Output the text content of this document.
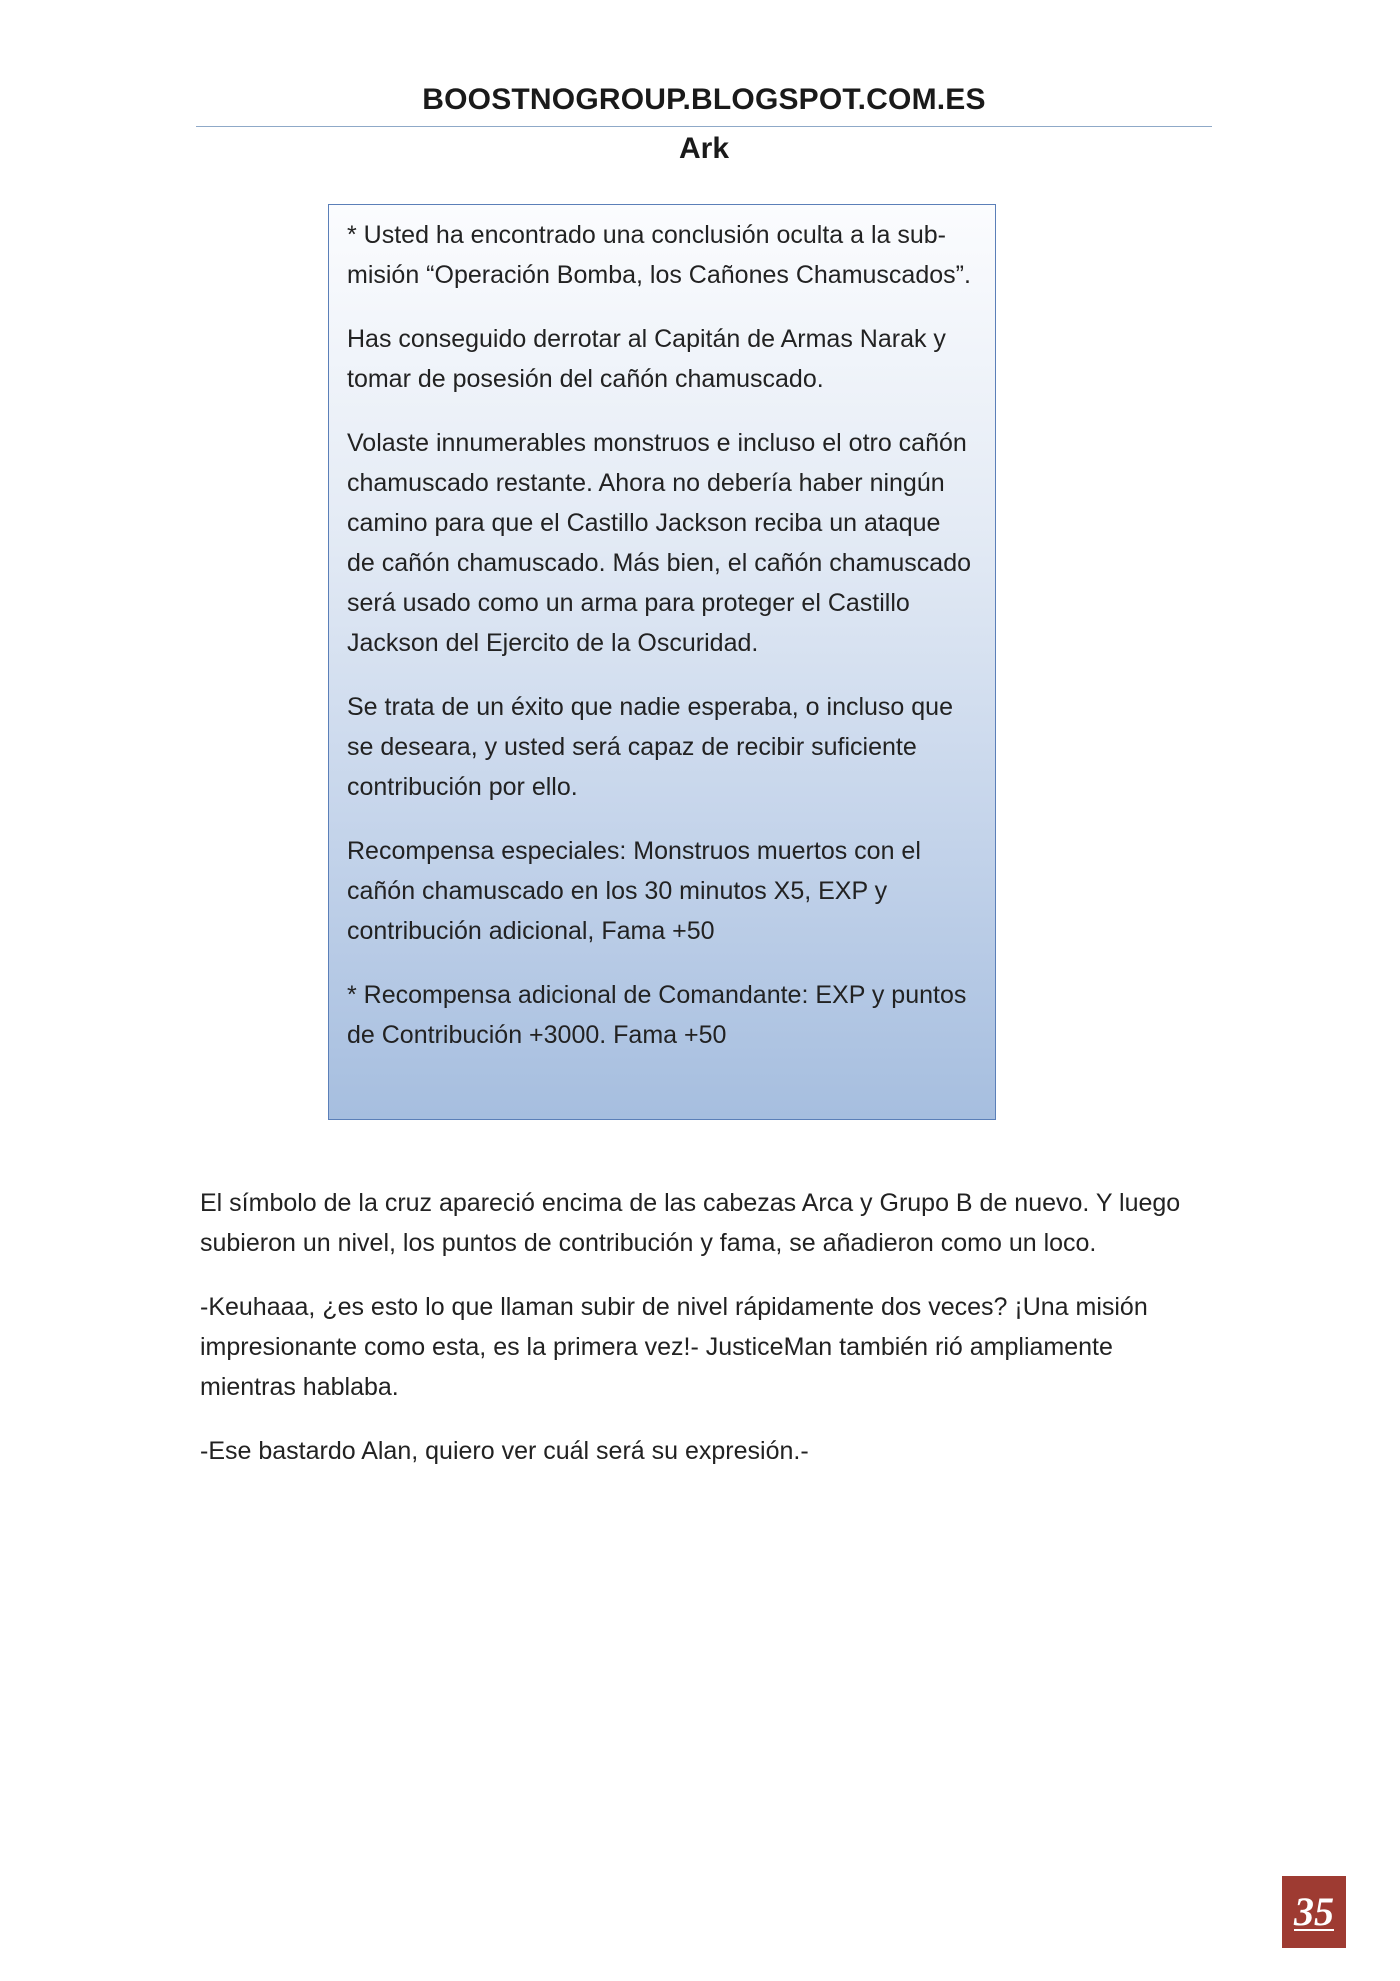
BOOSTNOGROUP.BLOGSPOT.COM.ES
Ark

* Usted ha encontrado una conclusión oculta a la sub-misión “Operación Bomba, los Cañones Chamuscados”.

Has conseguido derrotar al Capitán de Armas Narak y tomar de posesión del cañón chamuscado.

Volaste innumerables monstruos e incluso el otro cañón chamuscado restante. Ahora no debería haber ningún camino para que el Castillo Jackson reciba un ataque de cañón chamuscado. Más bien, el cañón chamuscado será usado como un arma para proteger el Castillo Jackson del Ejercito de la Oscuridad.

Se trata de un éxito que nadie esperaba, o incluso que se deseara, y usted será capaz de recibir suficiente contribución por ello.

Recompensa especiales: Monstruos muertos con el cañón chamuscado en los 30 minutos X5, EXP y contribución adicional, Fama +50

* Recompensa adicional de Comandante: EXP y puntos de Contribución +3000. Fama +50

El símbolo de la cruz apareció encima de las cabezas Arca y Grupo B de nuevo. Y luego subieron un nivel, los puntos de contribución y fama, se añadieron como un loco.

-Keuhaaa, ¿es esto lo que llaman subir de nivel rápidamente dos veces? ¡Una misión impresionante como esta, es la primera vez!- JusticeMan también rió ampliamente mientras hablaba.

-Ese bastardo Alan, quiero ver cuál será su expresión.-

35
